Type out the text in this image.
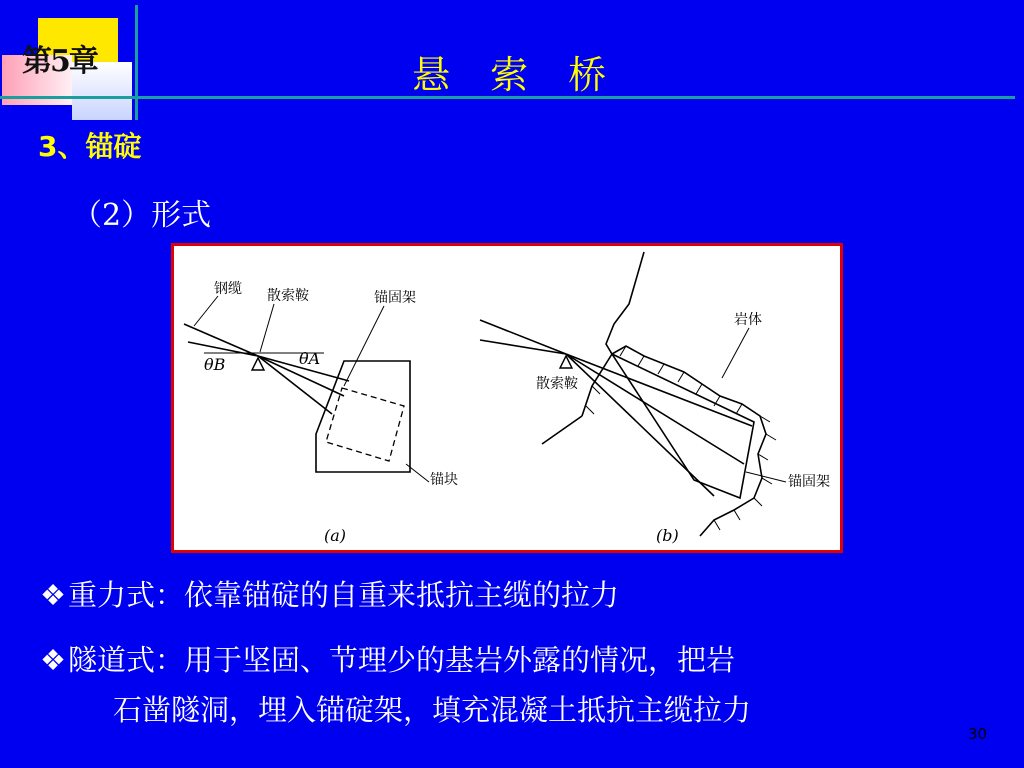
第5章	悬 索 桥
3、锚碇
（2）形式
钢缆 散索鞍	锚固架
锚块
θB	θA
(a)
岩体
散索鞍
锚固架
(b)
❖重力式：依靠锚碇的自重来抵抗主缆的拉力
❖隧道式：用于坚固、节理少的基岩外露的情况，把岩
石凿隧洞，埋入锚碇架，填充混凝土抵抗主缆拉力
30
